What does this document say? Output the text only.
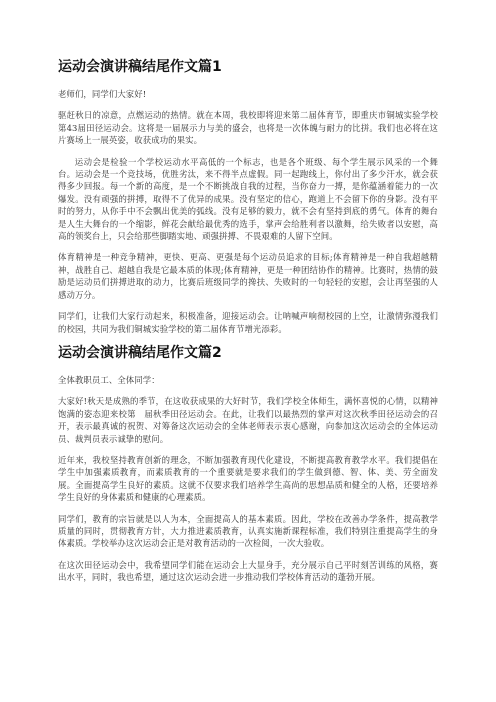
运动会演讲稿结尾作文篇1

老师们，同学们大家好!

驱赶秋日的凉意，点燃运动的热情。就在本周，我校即将迎来第二届体育节，即重庆市铜城实验学校第43届田径运动会。这将是一届展示力与美的盛会，也将是一次体魄与耐力的比拼。我们也必将在这片赛场上一展英姿，收获成功的果实。

运动会是检验一个学校运动水平高低的一个标志，也是各个班级、每个学生展示风采的一个舞台。运动会是一个竞技场，优胜劣汰，来不得半点虚假。同一起跑线上，你付出了多少汗水，就会获得多少回报。每一个新的高度，是一个不断挑战自我的过程，当你奋力一搏，是你蕴涵着能力的一次爆发。没有顽强的拼搏，取得不了优异的成果。没有坚定的信心，跑道上不会留下你的身影。没有平时的努力，从你手中不会飘出优美的弧线。没有足够的毅力，就不会有坚持到底的勇气。体育的舞台是人生大舞台的一个缩影，鲜花会献给最优秀的选手，掌声会给胜利者以激舞，给失败者以安慰，高高的领奖台上，只会给那些脚踏实地、顽强拼搏、不畏艰难的人留下空间。

体育精神是一种竞争精神，更快、更高、更强是每个运动员追求的目标;体育精神是一种自我超越精神，战胜自己、超越自我是它最本质的体现;体育精神，更是一种团结协作的精神。比赛时，热情的鼓励是运动员们拼搏进取的动力，比赛后班级同学的搀扶、失败时的一句轻轻的安慰，会让再坚强的人感动万分。

同学们，让我们大家行动起来，积极准备，迎接运动会。让呐喊声响彻校园的上空，让激情弥漫我们的校园，共同为我们铜城实验学校的第二届体育节增光添彩。

运动会演讲稿结尾作文篇2

全体教职员工、全体同学：

大家好!秋天是成熟的季节，在这收获成果的大好时节，我们学校全体师生，满怀喜悦的心情，以精神饱满的姿态迎来校第　届秋季田径运动会。在此，让我们以最热烈的掌声对这次秋季田径运动会的召开，表示最真诚的祝贺、对筹备这次运动会的全体老师表示衷心感谢，向参加这次运动会的全体运动员、裁判员表示诚挚的慰问。

近年来，我校坚持教育创新的理念，不断加强教育现代化建设，不断提高教育教学水平。我们提倡在学生中加强素质教育，而素质教育的一个重要就是要求我们的学生做到德、智、体、美、劳全面发展。全面提高学生良好的素质。这就不仅要求我们培养学生高尚的思想品质和健全的人格，还要培养学生良好的身体素质和健康的心理素质。

同学们，教育的宗旨就是以人为本，全面提高人的基本素质。因此，学校在改善办学条件，提高教学质量的同时，贯彻教育方针，大力推进素质教育，认真实施新课程标准，我们特别注重提高学生的身体素质。学校举办这次运动会正是对教育活动的一次检阅，一次大验收。

在这次田径运动会中，我希望同学们能在运动会上大显身手，充分展示自己平时刻苦训练的风格，赛出水平，同时，我也希望，通过这次运动会进一步推动我们学校体育活动的蓬勃开展。
